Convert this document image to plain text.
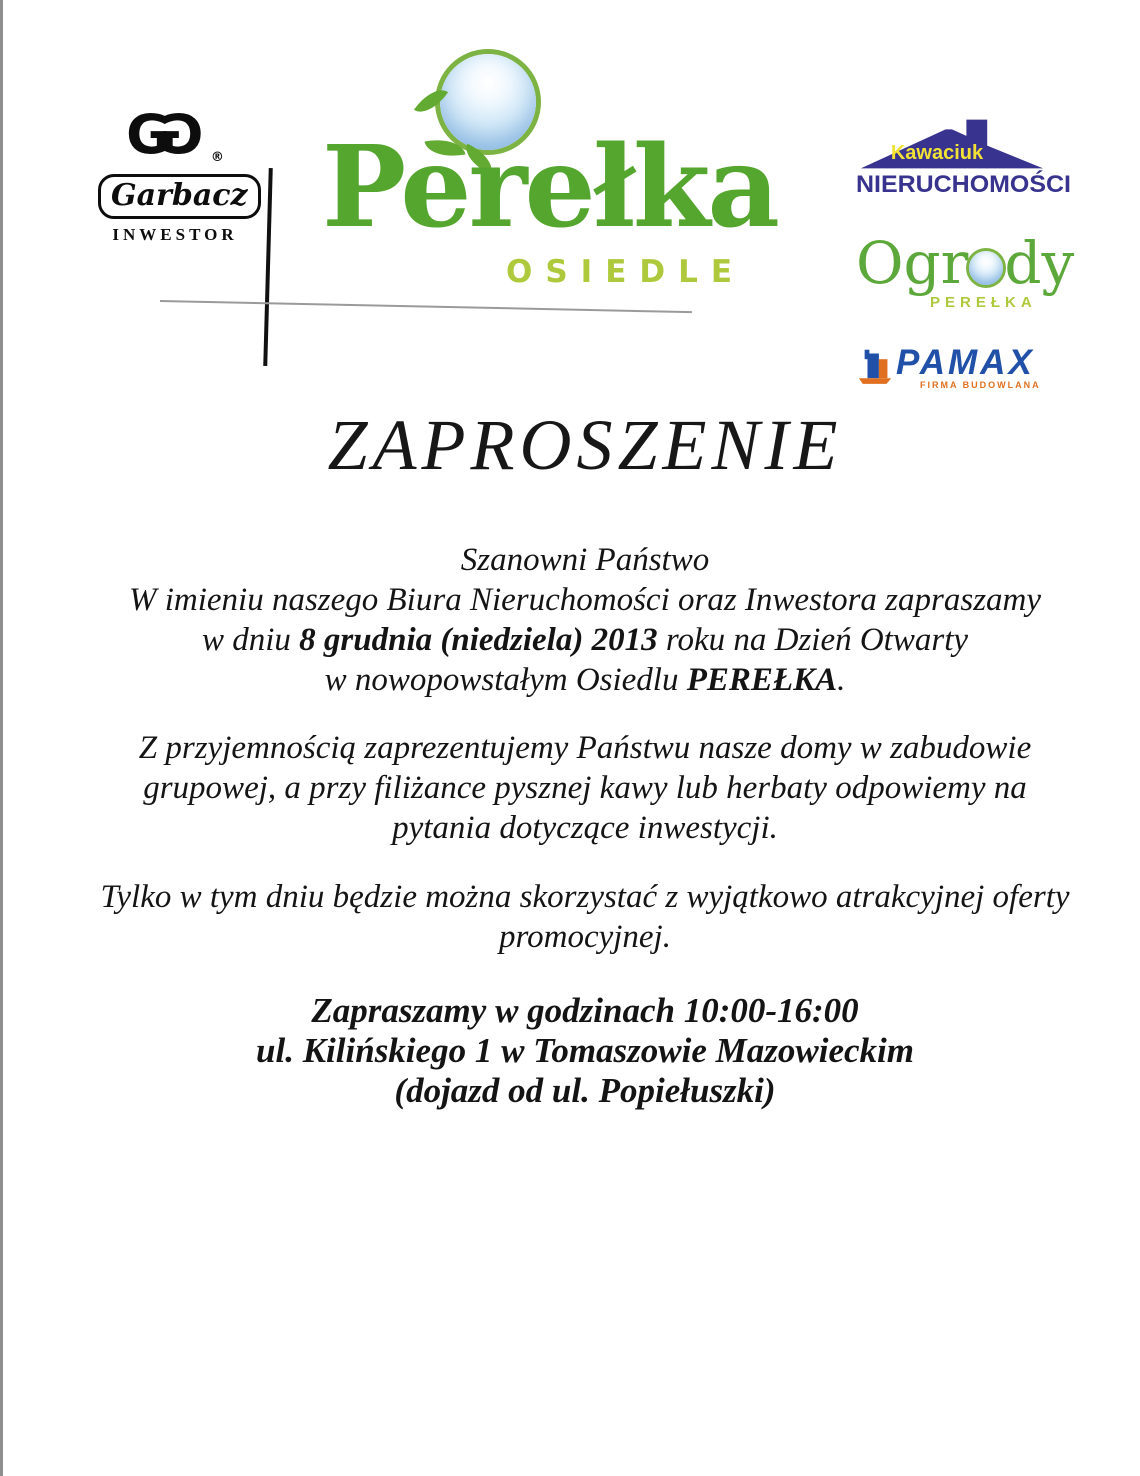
GG ®
Garbacz
INWESTOR Perełka
OSIEDLE
Kawaciuk
NIERUCHOMOŚCI
Ogr dy
PEREŁKA
PAMAX
FIRMA BUDOWLANA
ZAPROSZENIE
Szanowni Państwo
W imieniu naszego Biura Nieruchomości oraz Inwestora zapraszamy
w dniu 8 grudnia (niedziela) 2013 roku na Dzień Otwarty
w nowopowstałym Osiedlu PEREŁKA.
Z przyjemnością zaprezentujemy Państwu nasze domy w zabudowie
grupowej, a przy filiżance pysznej kawy lub herbaty odpowiemy na
pytania dotyczące inwestycji.
Tylko w tym dniu będzie można skorzystać z wyjątkowo atrakcyjnej oferty
promocyjnej.
Zapraszamy w godzinach 10:00-16:00
ul. Kilińskiego 1 w Tomaszowie Mazowieckim
(dojazd od ul. Popiełuszki)
